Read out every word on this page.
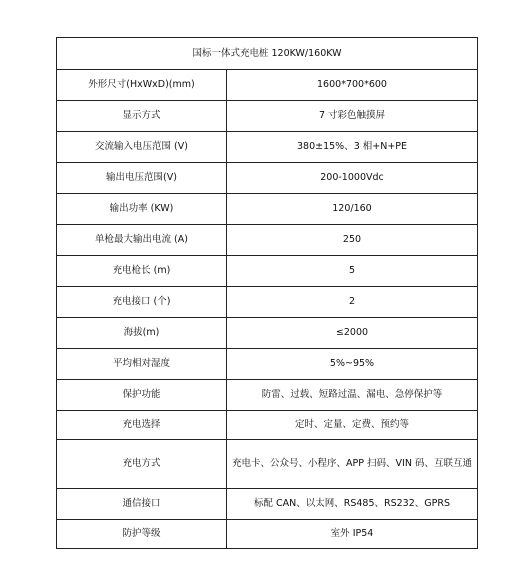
国标一体式充电桩 120KW/160KW	
外形尺寸(HxWxD)(mm)	1600*700*600
显示方式	7 寸彩色触摸屏
交流输入电压范围 (V)	380±15%、3 相+N+PE
输出电压范围(V)	200-1000Vdc
输出功率 (KW)	120/160
单枪最大输出电流 (A)	250
充电枪长 (m)	5
充电接口 (个)	2
海拔(m)	≤2000
平均相对湿度	5%~95%
保护功能	防雷、过载、短路过温、漏电、急停保护等
充电选择	定时、定量、定费、预约等
充电方式	充电卡、公众号、小程序、APP 扫码、VIN 码、互联互通
通信接口	标配 CAN、以太网、RS485、RS232、GPRS
防护等级	室外 IP54
